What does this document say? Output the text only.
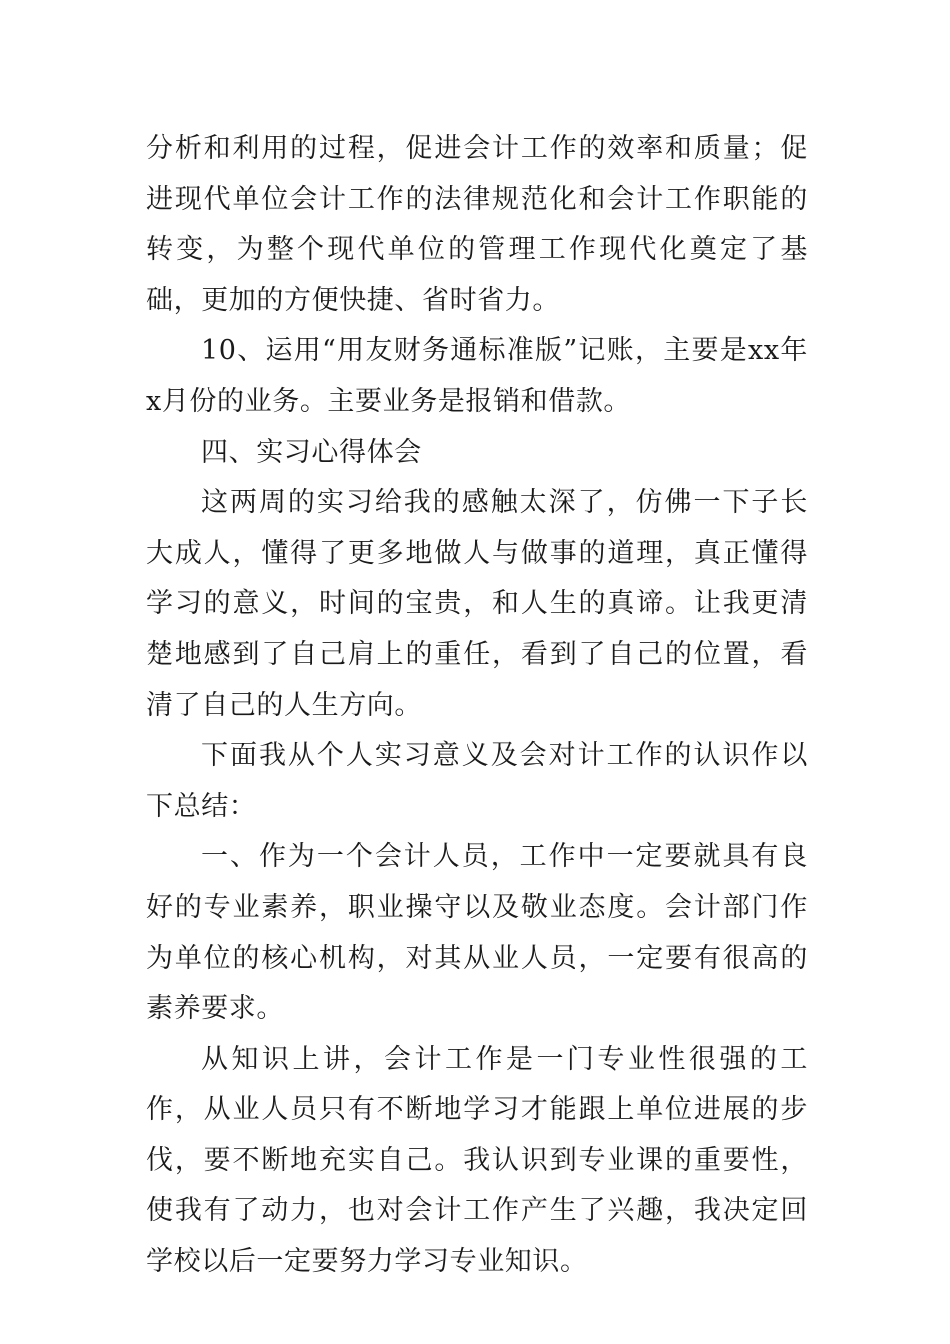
分析和利用的过程，促进会计工作的效率和质量；促进现代单位会计工作的法律规范化和会计工作职能的转变，为整个现代单位的管理工作现代化奠定了基础，更加的方便快捷、省时省力。

10、运用“用友财务通标准版”记账，主要是xx年x月份的业务。主要业务是报销和借款。

四、实习心得体会

这两周的实习给我的感触太深了，仿佛一下子长大成人，懂得了更多地做人与做事的道理，真正懂得学习的意义，时间的宝贵，和人生的真谛。让我更清楚地感到了自己肩上的重任，看到了自己的位置，看清了自己的人生方向。

下面我从个人实习意义及会对计工作的认识作以下总结：

一、作为一个会计人员，工作中一定要就具有良好的专业素养，职业操守以及敬业态度。会计部门作为单位的核心机构，对其从业人员，一定要有很高的素养要求。

从知识上讲，会计工作是一门专业性很强的工作，从业人员只有不断地学习才能跟上单位进展的步伐，要不断地充实自己。我认识到专业课的重要性，使我有了动力，也对会计工作产生了兴趣，我决定回学校以后一定要努力学习专业知识。
